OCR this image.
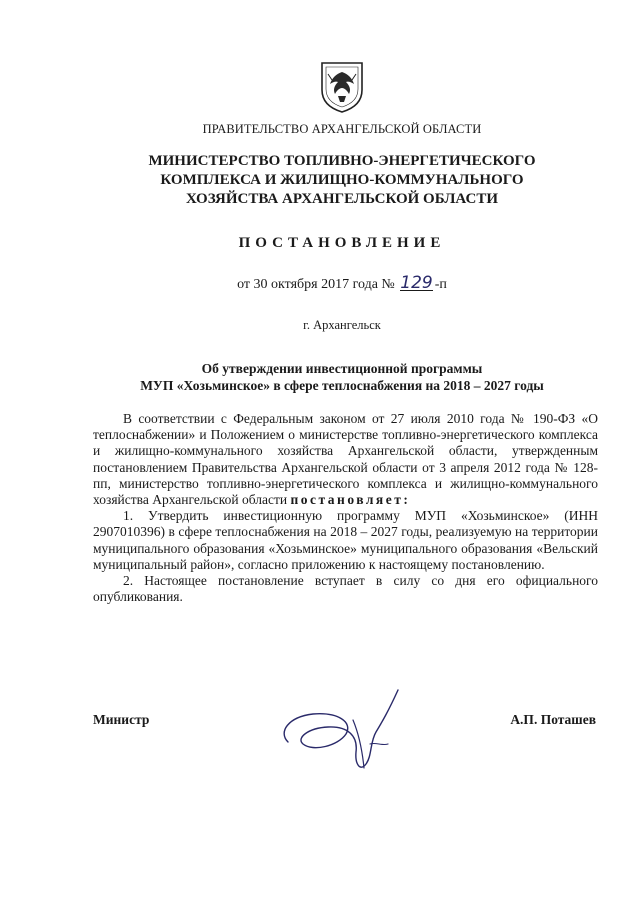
ПРАВИТЕЛЬСТВО АРХАНГЕЛЬСКОЙ ОБЛАСТИ
МИНИСТЕРСТВО ТОПЛИВНО-ЭНЕРГЕТИЧЕСКОГО
КОМПЛЕКСА И ЖИЛИЩНО-КОММУНАЛЬНОГО
ХОЗЯЙСТВА АРХАНГЕЛЬСКОЙ ОБЛАСТИ
ПОСТАНОВЛЕНИЕ
от 30 октября 2017 года № 129 -п
г. Архангельск
Об утверждении инвестиционной программы
МУП «Хозьминское» в сфере теплоснабжения на 2018 – 2027 годы

В соответствии с Федеральным законом от 27 июля 2010 года № 190-ФЗ «О теплоснабжении» и Положением о министерстве топливно-энергетического комплекса и жилищно-коммунального хозяйства Архангельской области, утвержденным постановлением Правительства Архангельской области от 3 апреля 2012 года № 128-пп, министерство топливно-энергетического комплекса и жилищно-коммунального хозяйства Архангельской области постановляет:

1. Утвердить инвестиционную программу МУП «Хозьминское» (ИНН 2907010396) в сфере теплоснабжения на 2018 – 2027 годы, реализуемую на территории муниципального образования «Хозьминское» муниципального образования «Вельский муниципальный район», согласно приложению к настоящему постановлению.

2. Настоящее постановление вступает в силу со дня его официального опубликования.

Министр	А.П. Поташев
